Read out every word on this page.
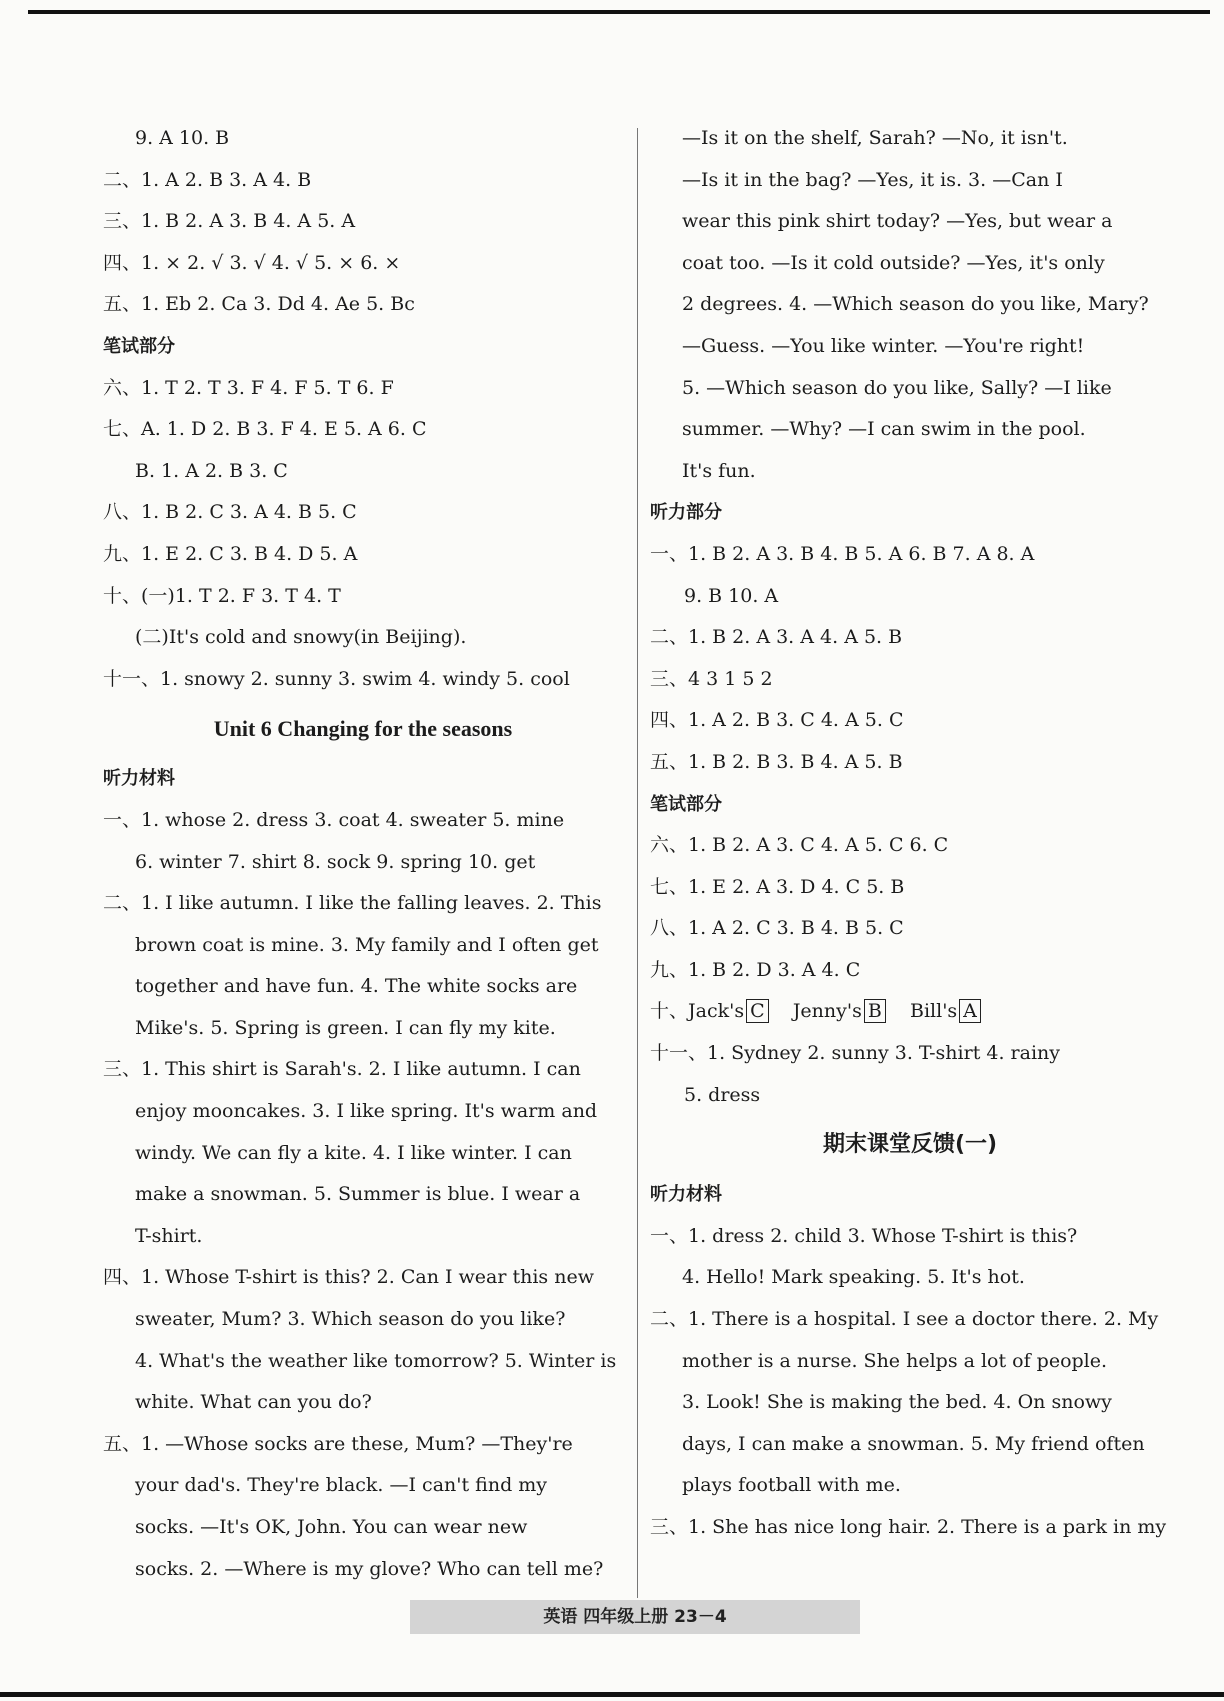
9. A 10. B
二、1. A 2. B 3. A 4. B
三、1. B 2. A 3. B 4. A 5. A
四、1. × 2. √ 3. √ 4. √ 5. × 6. ×
五、1. Eb 2. Ca 3. Dd 4. Ae 5. Bc
笔试部分
六、1. T 2. T 3. F 4. F 5. T 6. F
七、A. 1. D 2. B 3. F 4. E 5. A 6. C
B. 1. A 2. B 3. C
八、1. B 2. C 3. A 4. B 5. C
九、1. E 2. C 3. B 4. D 5. A
十、(一)1. T 2. F 3. T 4. T
(二)It's cold and snowy(in Beijing).
十一、1. snowy 2. sunny 3. swim 4. windy 5. cool
Unit 6 Changing for the seasons
听力材料
一、1. whose 2. dress 3. coat 4. sweater 5. mine
6. winter 7. shirt 8. sock 9. spring 10. get
二、1. I like autumn. I like the falling leaves. 2. This
brown coat is mine. 3. My family and I often get
together and have fun. 4. The white socks are
Mike's. 5. Spring is green. I can fly my kite.
三、1. This shirt is Sarah's. 2. I like autumn. I can
enjoy mooncakes. 3. I like spring. It's warm and
windy. We can fly a kite. 4. I like winter. I can
make a snowman. 5. Summer is blue. I wear a
T-shirt.
四、1. Whose T-shirt is this? 2. Can I wear this new
sweater, Mum? 3. Which season do you like?
4. What's the weather like tomorrow? 5. Winter is
white. What can you do?
五、1. —Whose socks are these, Mum? —They're
your dad's. They're black. —I can't find my
socks. —It's OK, John. You can wear new
socks. 2. —Where is my glove? Who can tell me?
—Is it on the shelf, Sarah? —No, it isn't.
—Is it in the bag? —Yes, it is. 3. —Can I
wear this pink shirt today? —Yes, but wear a
coat too. —Is it cold outside? —Yes, it's only
2 degrees. 4. —Which season do you like, Mary?
—Guess. —You like winter. —You're right!
5. —Which season do you like, Sally? —I like
summer. —Why? —I can swim in the pool.
It's fun.
听力部分
一、1. B 2. A 3. B 4. B 5. A 6. B 7. A 8. A
9. B 10. A
二、1. B 2. A 3. A 4. A 5. B
三、4 3 1 5 2
四、1. A 2. B 3. C 4. A 5. C
五、1. B 2. B 3. B 4. A 5. B
笔试部分
六、1. B 2. A 3. C 4. A 5. C 6. C
七、1. E 2. A 3. D 4. C 5. B
八、1. A 2. C 3. B 4. B 5. C
九、1. B 2. D 3. A 4. C
十、Jack's C Jenny's B Bill's A
十一、1. Sydney 2. sunny 3. T-shirt 4. rainy
5. dress
期末课堂反馈(一)
听力材料
一、1. dress 2. child 3. Whose T-shirt is this?
4. Hello! Mark speaking. 5. It's hot.
二、1. There is a hospital. I see a doctor there. 2. My
mother is a nurse. She helps a lot of people.
3. Look! She is making the bed. 4. On snowy
days, I can make a snowman. 5. My friend often
plays football with me.
三、1. She has nice long hair. 2. There is a park in my
英语 四年级上册 23－4
